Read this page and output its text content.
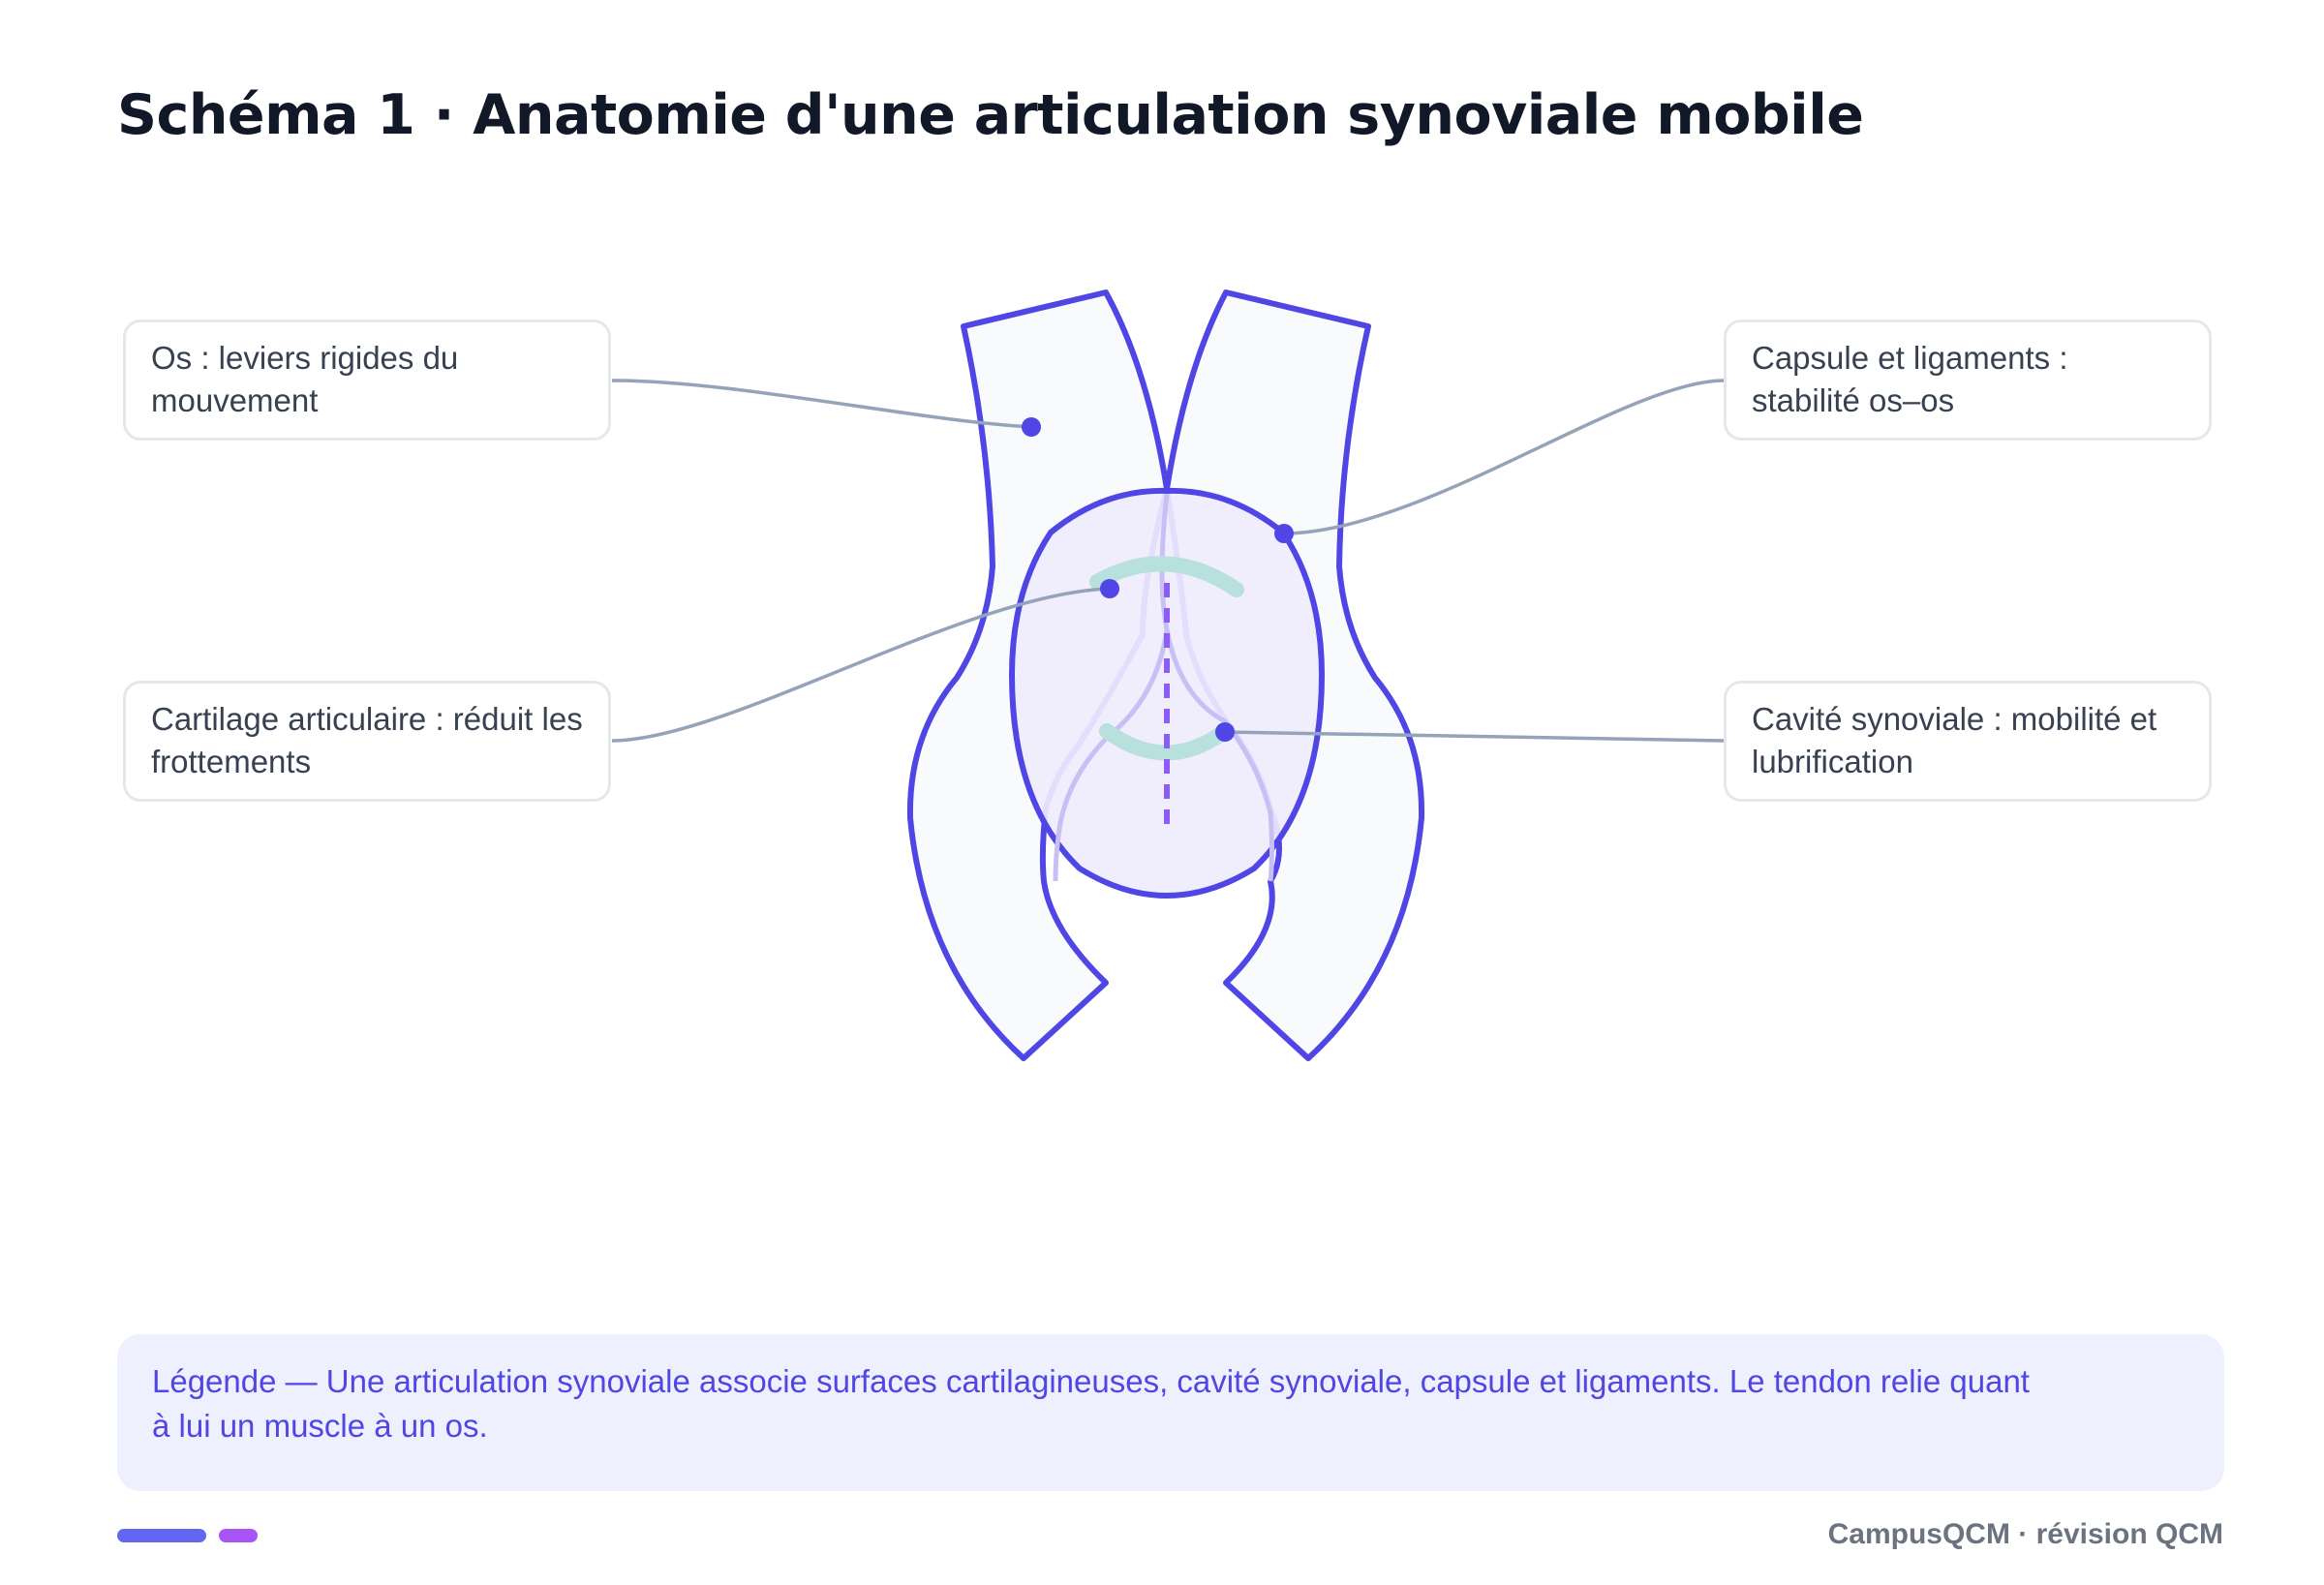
Schéma 1 · Anatomie d'une articulation synoviale mobile
Os : leviers rigides du mouvement
Capsule et ligaments : stabilité os–os
Cartilage articulaire : réduit les frottements
Cavité synoviale : mobilité et lubrification

Légende — Une articulation synoviale associe surfaces cartilagineuses, cavité synoviale, capsule et ligaments. Le tendon relie quant à lui un muscle à un os.

CampusQCM · révision QCM
